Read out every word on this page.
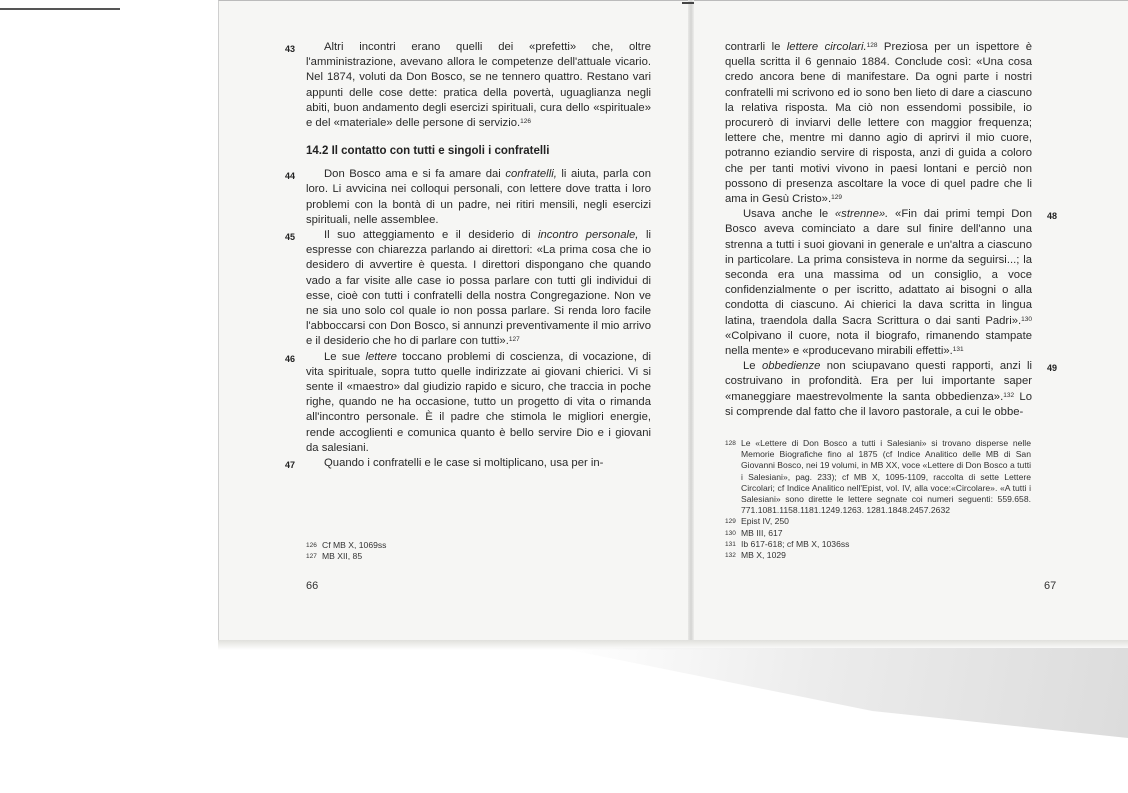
43	Altri incontri erano quelli dei «prefetti» che, oltre l'amministrazione, avevano allora le competenze dell'attuale vicario. Nel 1874, voluti da Don Bosco, se ne tennero quattro. Restano vari appunti delle cose dette: pratica della povertà, uguaglianza negli abiti, buon andamento degli esercizi spirituali, cura dello «spirituale» e del «materiale» delle persone di servizio.$^{126}$

14.2 Il contatto con tutti e singoli i confratelli

44	Don Bosco ama e si fa amare dai confratelli, li aiuta, parla con loro. Li avvicina nei colloqui personali, con lettere dove tratta i loro problemi con la bontà di un padre, nei ritiri mensili, negli esercizi spirituali, nelle assemblee.

45	Il suo atteggiamento e il desiderio di incontro personale, li espresse con chiarezza parlando ai direttori: «La prima cosa che io desidero di avvertire è questa. I direttori dispongano che quando vado a far visite alle case io possa parlare con tutti gli individui di esse, cioè con tutti i confratelli della nostra Congregazione. Non ve ne sia uno solo col quale io non possa parlare. Si renda loro facile l'abboccarsi con Don Bosco, si annunzi preventivamente il mio arrivo e il desiderio che ho di parlare con tutti».$^{127}$

46	Le sue lettere toccano problemi di coscienza, di vocazione, di vita spirituale, sopra tutto quelle indirizzate ai giovani chierici. Vi si sente il «maestro» dal giudizio rapido e sicuro, che traccia in poche righe, quando ne ha occasione, tutto un progetto di vita o rimanda all'incontro personale. È il padre che stimola le migliori energie, rende accoglienti e comunica quanto è bello servire Dio e i giovani da salesiani.

47	Quando i confratelli e le case si moltiplicano, usa per in-

126 Cf MB X, 1069ss

127 MB XII, 85

66

contrarli le lettere circolari.$^{128}$ Preziosa per un ispettore è quella scritta il 6 gennaio 1884. Conclude così: «Una cosa credo ancora bene di manifestare. Da ogni parte i nostri confratelli mi scrivono ed io sono ben lieto di dare a ciascuno la relativa risposta. Ma ciò non essendomi possibile, io procurerò di inviarvi delle lettere con maggior frequenza; lettere che, mentre mi danno agio di aprirvi il mio cuore, potranno eziandio servire di risposta, anzi di guida a coloro che per tanti motivi vivono in paesi lontani e perciò non possono di presenza ascoltare la voce di quel padre che li ama in Gesù Cristo».$^{129}$

48
Usava anche le «strenne». «Fin dai primi tempi Don Bosco aveva cominciato a dare sul finire dell'anno una strenna a tutti i suoi giovani in generale e un'altra a ciascuno in particolare. La prima consisteva in norme da seguirsi...; la seconda era una massima od un consiglio, a voce confidenzialmente o per iscritto, adattato ai bisogni o alla condotta di ciascuno. Ai chierici la dava scritta in lingua latina, traendola dalla Sacra Scrittura o dai santi Padri».$^{130}$ «Colpivano il cuore, nota il biografo, rimanendo stampate nella mente» e «producevano mirabili effetti».$^{131}$

49
Le obbedienze non sciupavano questi rapporti, anzi li costruivano in profondità. Era per lui importante saper «maneggiare maestrevolmente la santa obbedienza».$^{132}$ Lo si comprende dal fatto che il lavoro pastorale, a cui le obbe-

128 Le «Lettere di Don Bosco a tutti i Salesiani» si trovano disperse nelle Memorie Biografiche fino al 1875 (cf Indice Analitico delle MB di San Giovanni Bosco, nei 19 volumi, in MB XX, voce «Lettere di Don Bosco a tutti i Salesiani», pag. 233); cf MB X, 1095-1109, raccolta di sette Lettere Circolari; cf Indice Analitico nell'Epist, vol. IV, alla voce:«Circolare». «A tutti i Salesiani» sono dirette le lettere segnate coi numeri seguenti: 559.658. 771.1081.1158.1181.1249.1263. 1281.1848.2457.2632

129 Epist IV, 250

130 MB III, 617

131 Ib 617-618; cf MB X, 1036ss

132 MB X, 1029

67
